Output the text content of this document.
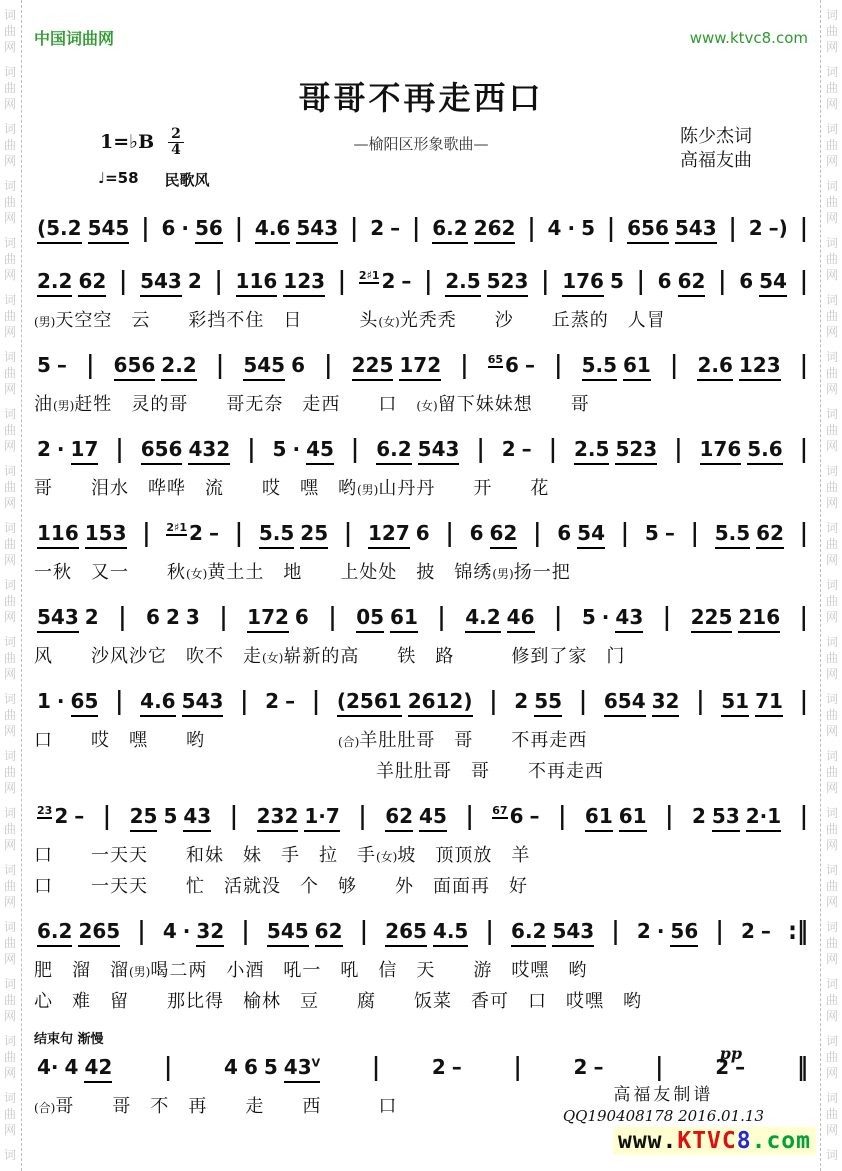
词
曲
网
词
曲
网
词
曲
网
词
曲
网
词
曲
网
词
曲
网
词
曲
网
词
曲
网
词
曲
网
词
曲
网
词
曲
网
词
曲
网
词
曲
网
词
曲
网
词
曲
网
词
曲
网
词
曲
网
词
曲
网
词
曲
网
词
曲
网
词
词
曲
网
词
曲
网
词
曲
网
词
曲
网
词
曲
网
词
曲
网
词
曲
网
词
曲
网
词
曲
网
词
曲
网
词
曲
网
词
曲
网
词
曲
网
词
曲
网
词
曲
网
词
曲
网
词
曲
网
词
曲
网
词
曲
网
词
曲
网
词
中国词曲网	www.ktvc8.com
哥哥不再走西口
1=♭B $\frac{2}{4}$
♩=58 民歌风
—榆阳区形象歌曲—	陈少杰词
高福友曲
(5.2 545 | 6 · 56 | 4.6 543 | 2 – | 6.2 262 | 4 · 5 | 656 543 | 2 –) |
2.2 62 | 543 2 | 116 123 | $^{2♯1}$ 2 – | 2.5 523 | 176 5 | 6 62 | 6 54 |
(男)天空空　云　　彩挡不住　日　　　头(女)光秃秃　　沙　　丘蒸的　人冒
5 – | 656 2.2 | 545 6 | 225 172 | $^{65}$ 6 – | 5.5 61 | 2.6 123 |
油(男)赶牲　灵的哥　　哥无奈　走西　　口　(女)留下妹妹想　　哥
2 · 17 | 656 432 | 5 · 45 | 6.2 543 | 2 – | 2.5 523 | 176 5.6 |
哥　　泪水　哗哗　流　　哎　嘿　哟(男)山丹丹　　开　　花
116 153 | $^{2♯1}$ 2 – | 5.5 25 | 127 6 | 6 62 | 6 54 | 5 – | 5.5 62 |
一秋　又一　　秋(女)黄土土　地　　上处处　披　锦绣(男)扬一把
543 2 | 6 2 3 | 172 6 | 05 61 | 4.2 46 | 5 · 43 | 225 216 |
风　　沙风沙它　吹不　走(女)崭新的高　　铁　路　　　修到了家　门
1 · 65 | 4.6 543 | 2 – | (2561 2612) | 2 55 | 654 32 | 51 71 |
口　　哎　嘿　　哟　　　　　　　(合)羊肚肚哥　哥　　不再走西
　　　　　　　　　　　　　　　　　　羊肚肚哥　哥　　不再走西
$^{23}$ 2 – | 25 5 43 | 232 1·7 | 62 45 | $^{67}$ 6 – | 61 61 | 2 53 2·1 |
口　　一天天　　和妹　妹　手　拉　手(女)坡　顶顶放　羊
口　　一天天　　忙　活就没　个　够　　外　面面再　好
6.2 265 | 4 · 32 | 545 62 | 265 4.5 | 6.2 543 | 2 · 56 | 2 – :‖
肥　溜　溜(男)喝二两　小酒　吼一　吼　信　天　　游　哎嘿　哟
心　难　留　　那比得　榆林　豆　　腐　　饭菜　香可　口　哎嘿　哟
结束句 渐慢
pp
4· 4 42 |	4 6 5 $43^V$ |	2 – |	2 – |	2 – ‖
(合)哥　　哥　不　再　　走　　西　　　口
高福友制谱
QQ190408178 2016.01.13
www.KTVC8.com
